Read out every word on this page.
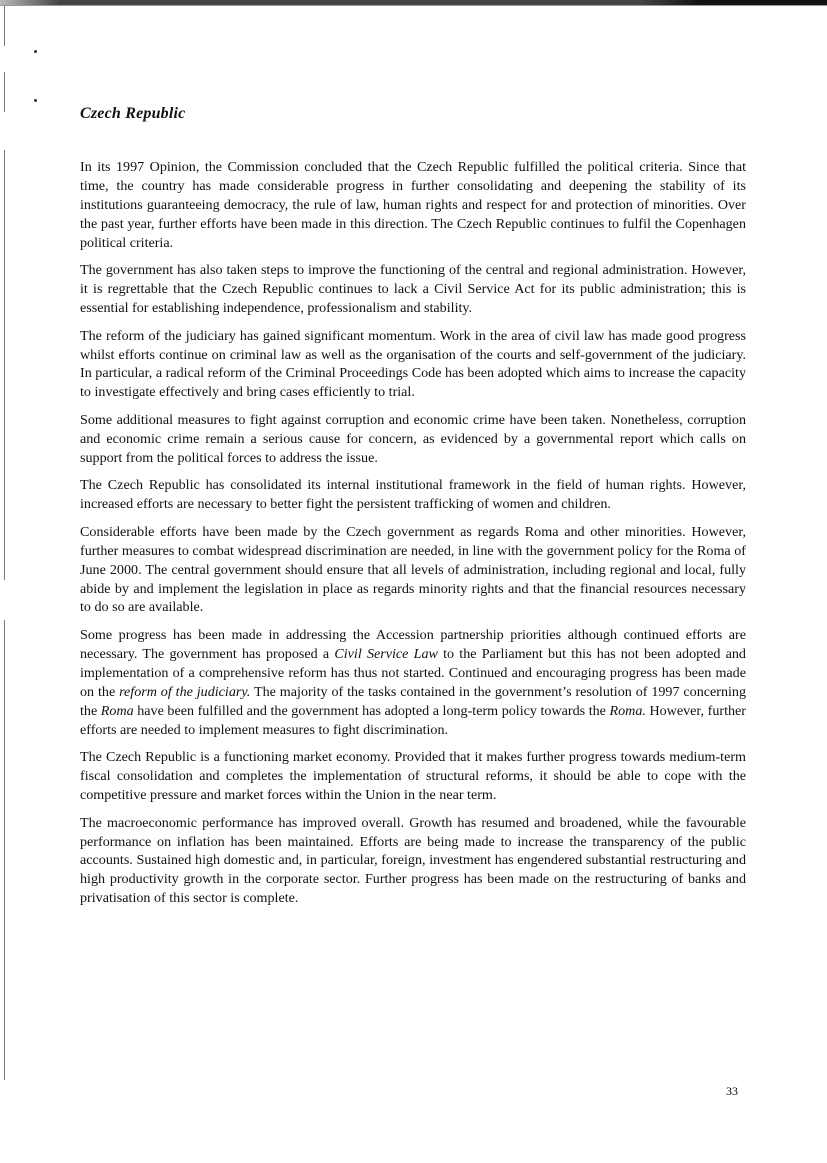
Czech Republic

In its 1997 Opinion, the Commission concluded that the Czech Republic fulfilled the political criteria. Since that time, the country has made considerable progress in further consolidating and deepening the stability of its institutions guaranteeing democracy, the rule of law, human rights and respect for and protection of minorities. Over the past year, further efforts have been made in this direction. The Czech Republic continues to fulfil the Copenhagen political criteria.

The government has also taken steps to improve the functioning of the central and regional administration. However, it is regrettable that the Czech Republic continues to lack a Civil Service Act for its public administration; this is essential for establishing independence, professionalism and stability.

The reform of the judiciary has gained significant momentum. Work in the area of civil law has made good progress whilst efforts continue on criminal law as well as the organisation of the courts and self-government of the judiciary. In particular, a radical reform of the Criminal Proceedings Code has been adopted which aims to increase the capacity to investigate effectively and bring cases efficiently to trial.

Some additional measures to fight against corruption and economic crime have been taken. Nonetheless, corruption and economic crime remain a serious cause for concern, as evidenced by a governmental report which calls on support from the political forces to address the issue.

The Czech Republic has consolidated its internal institutional framework in the field of human rights. However, increased efforts are necessary to better fight the persistent trafficking of women and children.

Considerable efforts have been made by the Czech government as regards Roma and other minorities. However, further measures to combat widespread discrimination are needed, in line with the government policy for the Roma of June 2000. The central government should ensure that all levels of administration, including regional and local, fully abide by and implement the legislation in place as regards minority rights and that the financial resources necessary to do so are available.

Some progress has been made in addressing the Accession partnership priorities although continued efforts are necessary. The government has proposed a Civil Service Law to the Parliament but this has not been adopted and implementation of a comprehensive reform has thus not started. Continued and encouraging progress has been made on the reform of the judiciary. The majority of the tasks contained in the government’s resolution of 1997 concerning the Roma have been fulfilled and the government has adopted a long-term policy towards the Roma. However, further efforts are needed to implement measures to fight discrimination.

The Czech Republic is a functioning market economy. Provided that it makes further progress towards medium-term fiscal consolidation and completes the implementation of structural reforms, it should be able to cope with the competitive pressure and market forces within the Union in the near term.

The macroeconomic performance has improved overall. Growth has resumed and broadened, while the favourable performance on inflation has been maintained. Efforts are being made to increase the transparency of the public accounts. Sustained high domestic and, in particular, foreign, investment has engendered substantial restructuring and high productivity growth in the corporate sector. Further progress has been made on the restructuring of banks and privatisation of this sector is complete.

33
